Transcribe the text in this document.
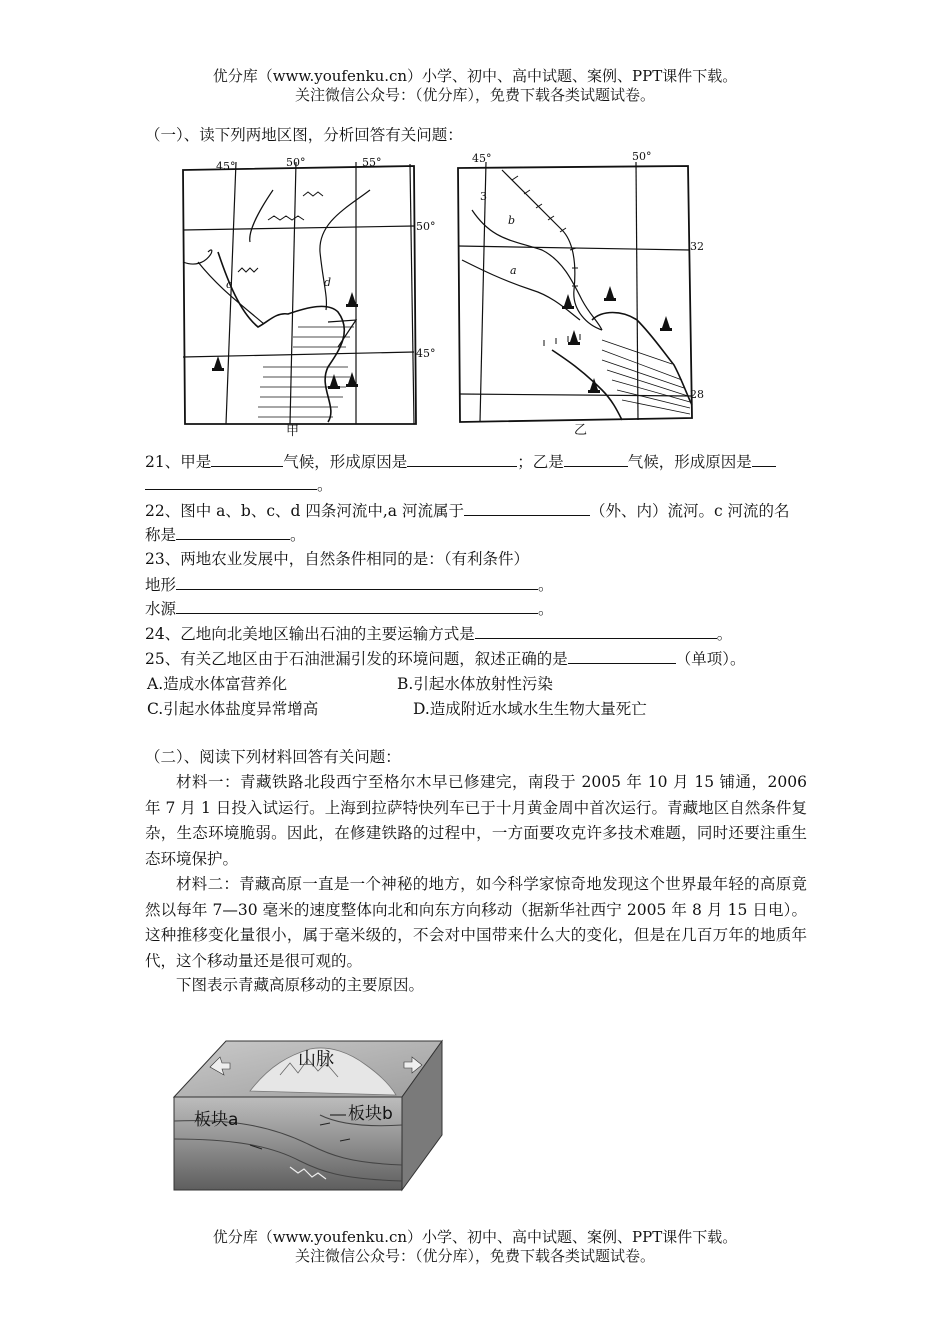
优分库（www.youfenku.cn）小学、初中、高中试题、案例、PPT课件下载。
关注微信公众号：（优分库），免费下载各类试题试卷。
（一）、读下列两地区图，分析回答有关问题：
45°	50°	55°
50°
45°
c	d
甲
45°	50°
32
28
a
b
3
乙
21、甲是	气候，形成原因是	；乙是	气候，形成原因是
。
22、图中 a、b、c、d 四条河流中,a 河流属于	（外、内）流河。c 河流的名
称是	。
23、两地农业发展中，自然条件相同的是：（有利条件）
地形	。
水源	。
24、乙地向北美地区输出石油的主要运输方式是	。
25、有关乙地区由于石油泄漏引发的环境问题，叙述正确的是	（单项）。
A.造成水体富营养化	B.引起水体放射性污染
C.引起水体盐度异常增高	D.造成附近水域水生生物大量死亡
（二）、阅读下列材料回答有关问题：
材料一：青藏铁路北段西宁至格尔木早已修建完，南段于 2005 年 10 月 15 铺通，2006 年 7 月 1 日投入试运行。上海到拉萨特快列车已于十月黄金周中首次运行。青藏地区自然条件复杂，生态环境脆弱。因此，在修建铁路的过程中，一方面要攻克许多技术难题，同时还要注重生态环境保护。
材料二：青藏高原一直是一个神秘的地方，如今科学家惊奇地发现这个世界最年轻的高原竟然以每年 7—30 毫米的速度整体向北和向东方向移动（据新华社西宁 2005 年 8 月 15 日电）。这种推移变化量很小，属于毫米级的，不会对中国带来什么大的变化，但是在几百万年的地质年代，这个移动量还是很可观的。
下图表示青藏高原移动的主要原因。
山脉
板块a	板块b
优分库（www.youfenku.cn）小学、初中、高中试题、案例、PPT课件下载。
关注微信公众号：（优分库），免费下载各类试题试卷。
